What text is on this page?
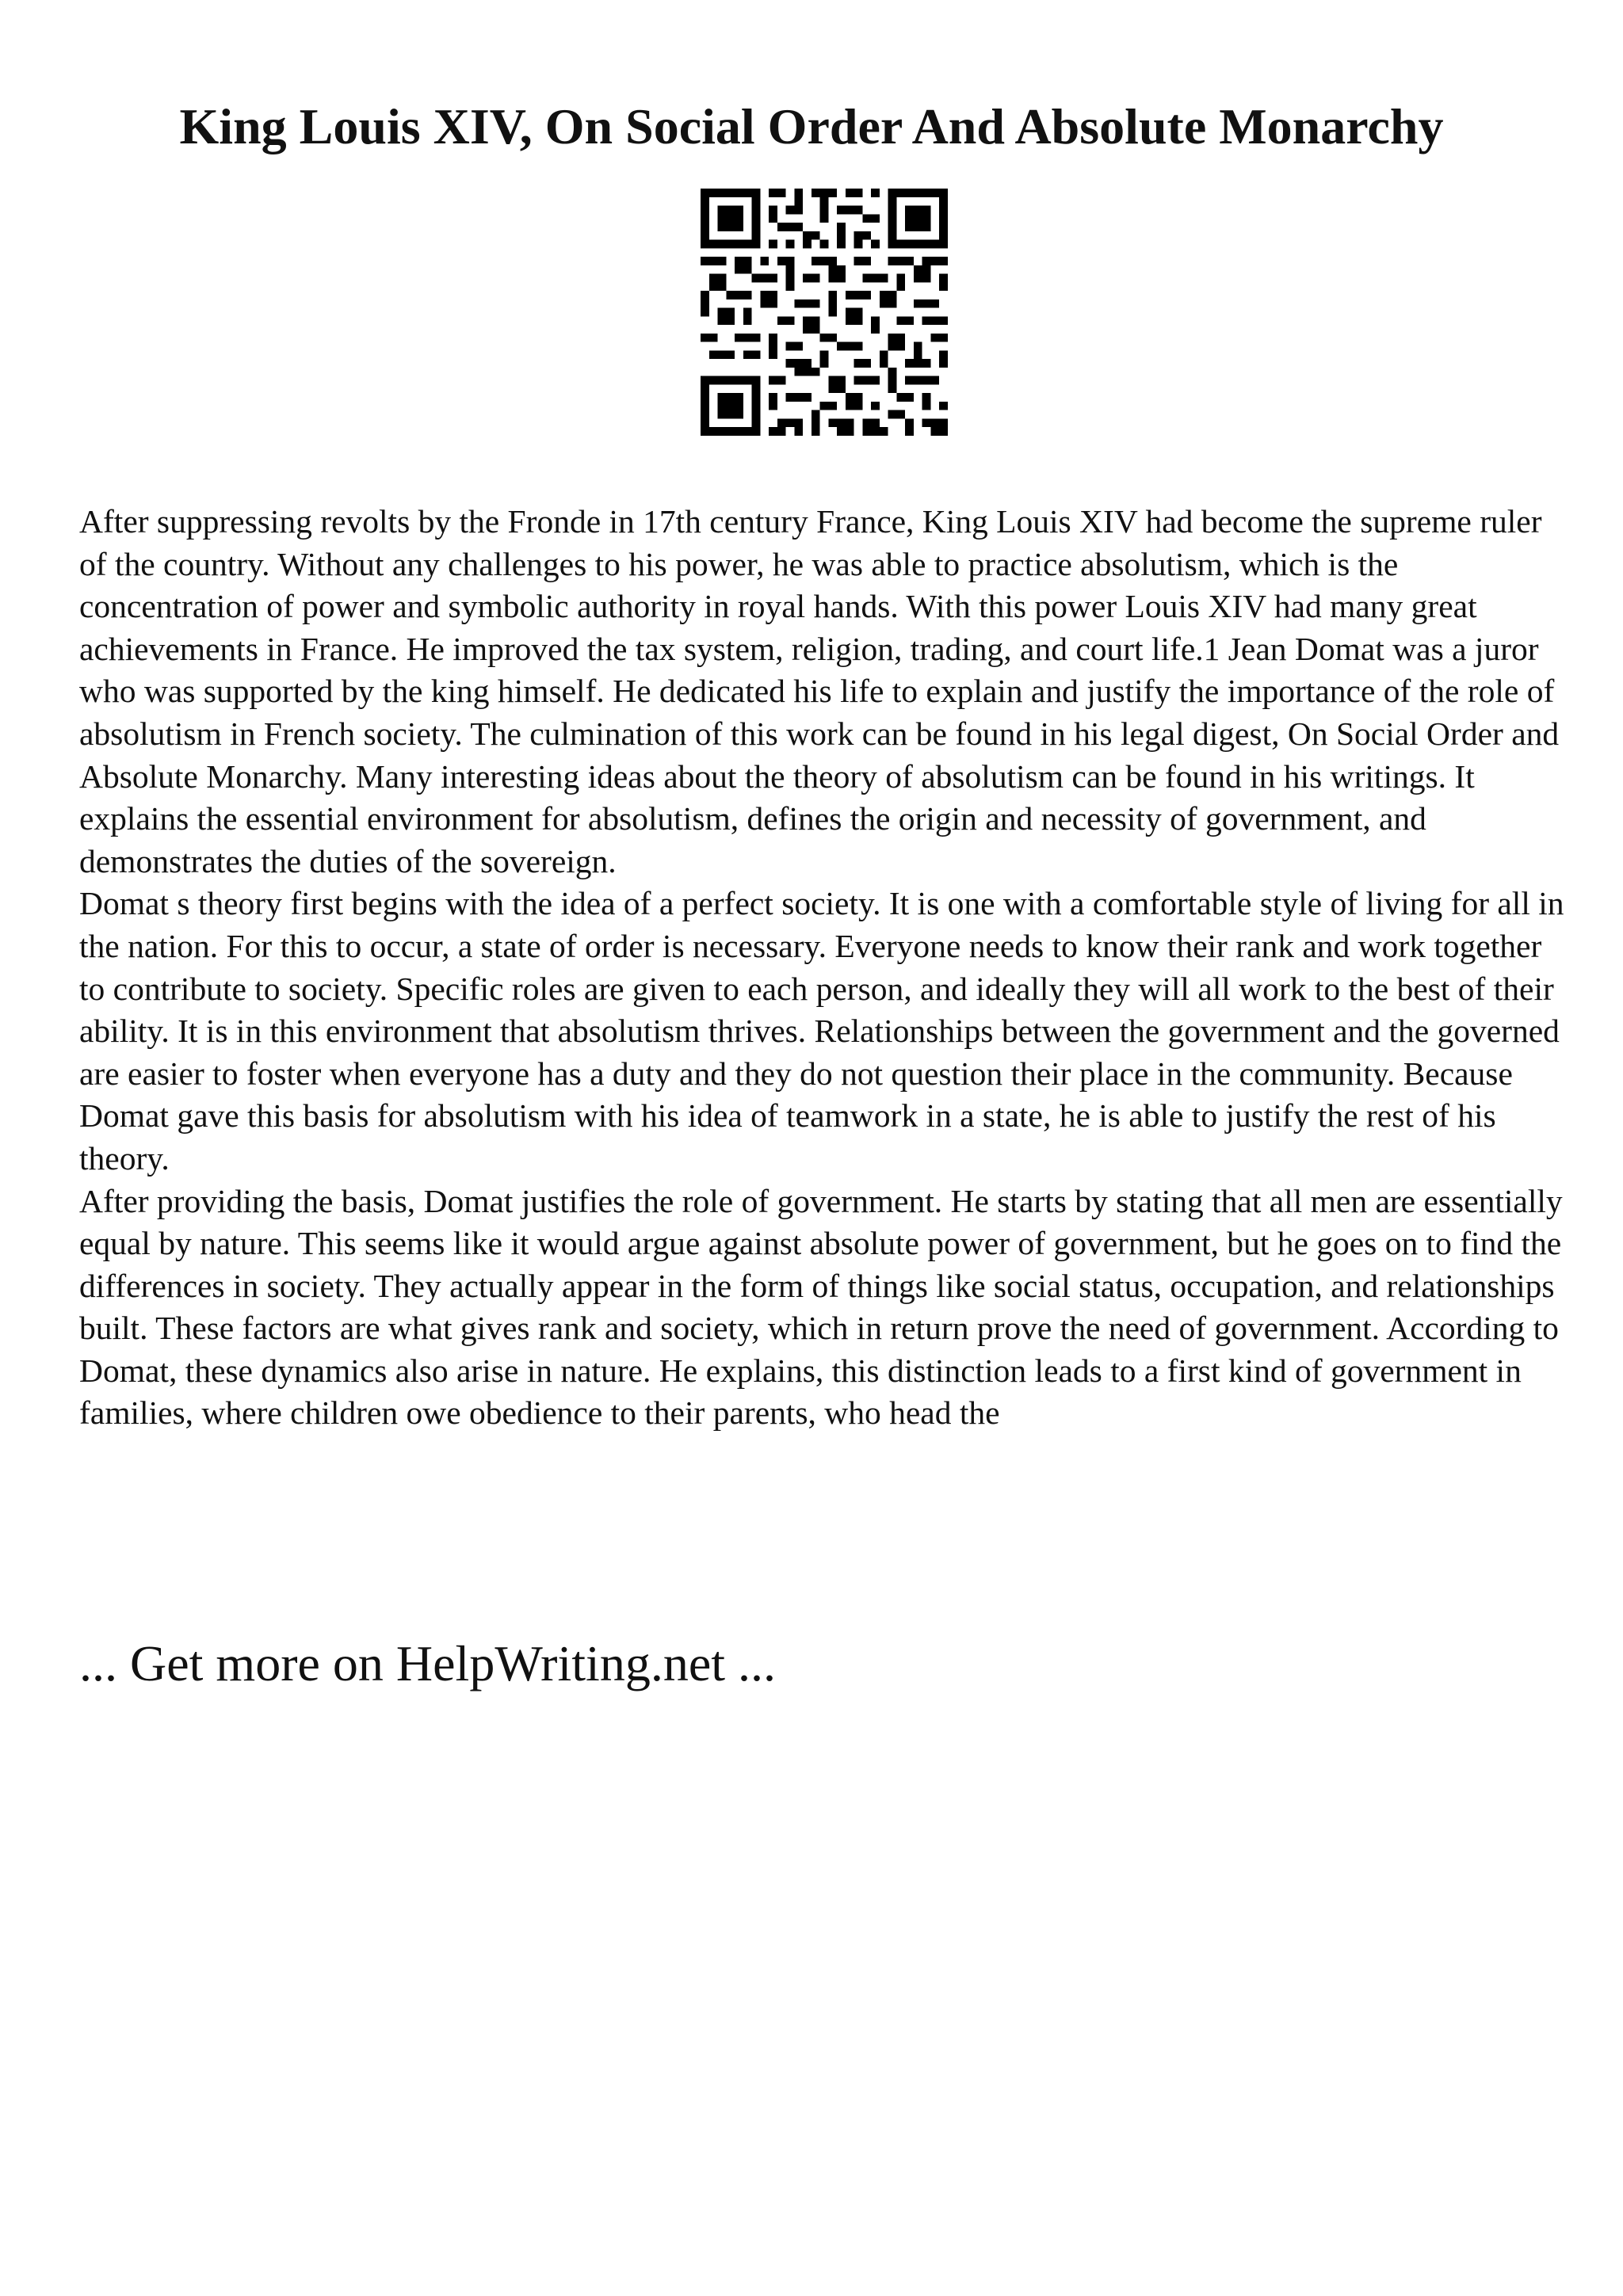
King Louis XIV, On Social Order And Absolute Monarchy

After suppressing revolts by the Fronde in 17th century France, King Louis XIV had become the supreme ruler of the country. Without any challenges to his power, he was able to practice absolutism, which is the concentration of power and symbolic authority in royal hands. With this power Louis XIV had many great achievements in France. He improved the tax system, religion, trading, and court life.1 Jean Domat was a juror who was supported by the king himself. He dedicated his life to explain and justify the importance of the role of absolutism in French society. The culmination of this work can be found in his legal digest, On Social Order and Absolute Monarchy. Many interesting ideas about the theory of absolutism can be found in his writings. It explains the essential environment for absolutism, defines the origin and necessity of government, and demonstrates the duties of the sovereign.

Domat s theory first begins with the idea of a perfect society. It is one with a comfortable style of living for all in the nation. For this to occur, a state of order is necessary. Everyone needs to know their rank and work together to contribute to society. Specific roles are given to each person, and ideally they will all work to the best of their ability. It is in this environment that absolutism thrives. Relationships between the government and the governed are easier to foster when everyone has a duty and they do not question their place in the community. Because Domat gave this basis for absolutism with his idea of teamwork in a state, he is able to justify the rest of his theory.

After providing the basis, Domat justifies the role of government. He starts by stating that all men are essentially equal by nature. This seems like it would argue against absolute power of government, but he goes on to find the differences in society. They actually appear in the form of things like social status, occupation, and relationships built. These factors are what gives rank and society, which in return prove the need of government. According to Domat, these dynamics also arise in nature. He explains, this distinction leads to a first kind of government in families, where children owe obedience to their parents, who head the

... Get more on HelpWriting.net ...
